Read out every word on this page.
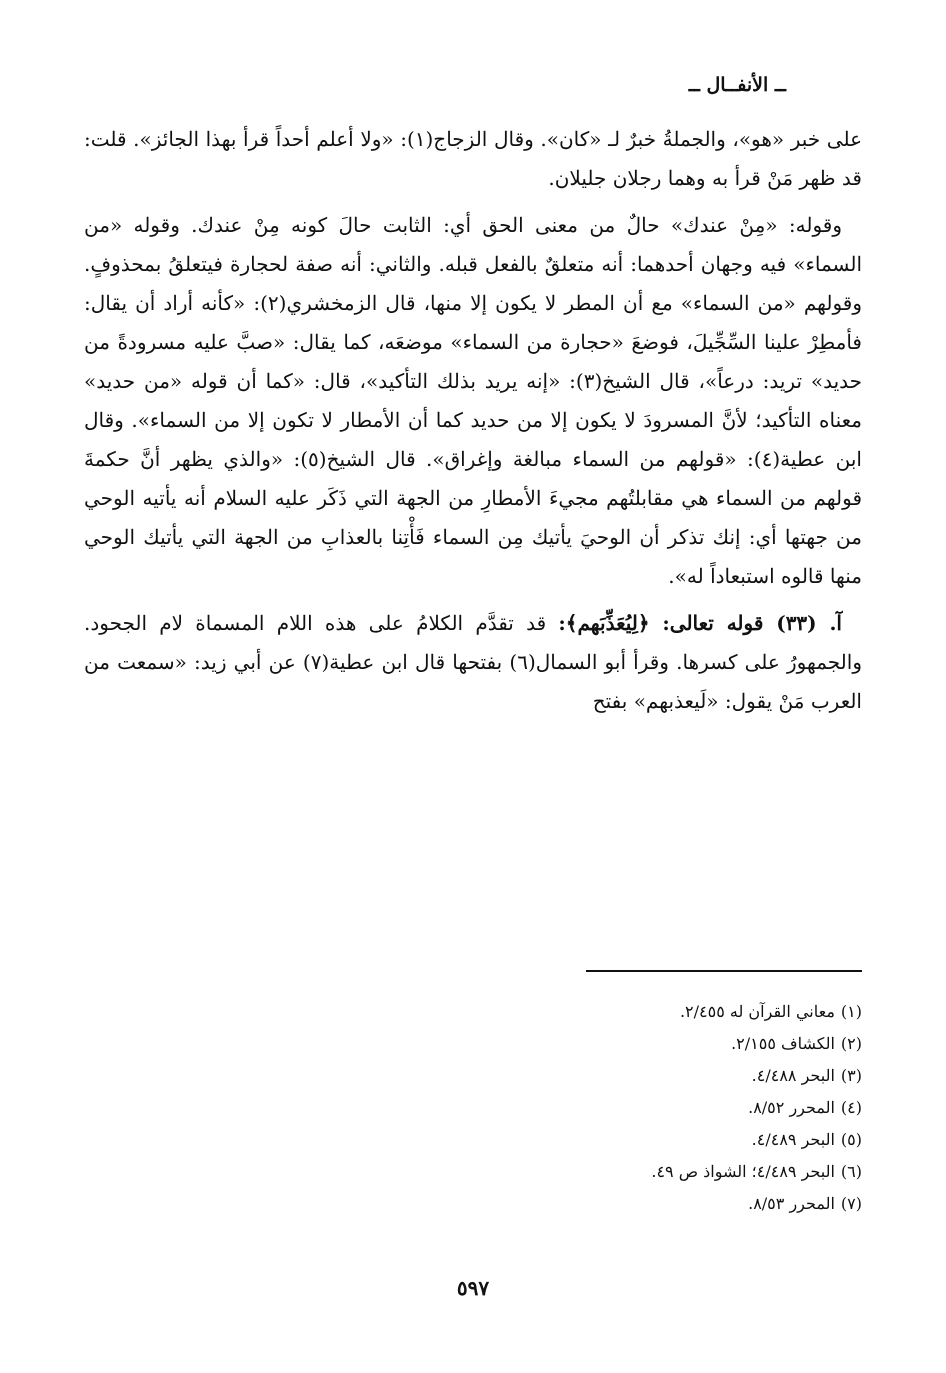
ــ الأنفــال ــ

على خبر «هو»، والجملةُ خبرٌ لـ «كان». وقال الزجاج(١): «ولا أعلم أحداً قرأ بهذا الجائز». قلت: قد ظهر مَنْ قرأ به وهما رجلان جليلان.

وقوله: «مِنْ عندك» حالٌ من معنى الحق أي: الثابت حالَ كونه مِنْ عندك. وقوله «من السماء» فيه وجهان أحدهما: أنه متعلقٌ بالفعل قبله. والثاني: أنه صفة لحجارة فيتعلقُ بمحذوفٍ. وقولهم «من السماء» مع أن المطر لا يكون إلا منها، قال الزمخشري(٢): «كأنه أراد أن يقال: فأمطِرْ علينا السِّجِّيلَ، فوضعَ «حجارة من السماء» موضعَه، كما يقال: «صبَّ عليه مسرودةً من حديد» تريد: درعاً»، قال الشيخ(٣): «إنه يريد بذلك التأكيد»، قال: «كما أن قوله «من حديد» معناه التأكيد؛ لأنَّ المسرودَ لا يكون إلا من حديد كما أن الأمطار لا تكون إلا من السماء». وقال ابن عطية(٤): «قولهم من السماء مبالغة وإغراق». قال الشيخ(٥): «والذي يظهر أنَّ حكمةَ قولهم من السماء هي مقابلتُهم مجيءَ الأمطارِ من الجهة التي ذَكَر عليه السلام أنه يأتيه الوحي من جهتها أي: إنك تذكر أن الوحيَ يأتيك مِن السماء فَأْتِنا بالعذابِ من الجهة التي يأتيك الوحي منها قالوه استبعاداً له».

آ. (٣٣) قوله تعالى: ﴿لِيُعَذِّبَهم﴾: قد تقدَّم الكلامُ على هذه اللام المسماة لام الجحود. والجمهورُ على كسرها. وقرأ أبو السمال(٦) بفتحها قال ابن عطية(٧) عن أبي زيد: «سمعت من العرب مَنْ يقول: «لَيعذبهم» بفتح

(١)معاني القرآن له ٢/٤٥٥.
(٢)الكشاف ٢/١٥٥.
(٣)البحر ٤/٤٨٨.
(٤)المحرر ٨/٥٢.
(٥)البحر ٤/٤٨٩.
(٦)البحر ٤/٤٨٩؛ الشواذ ص ٤٩.
(٧)المحرر ٨/٥٣.
٥٩٧
